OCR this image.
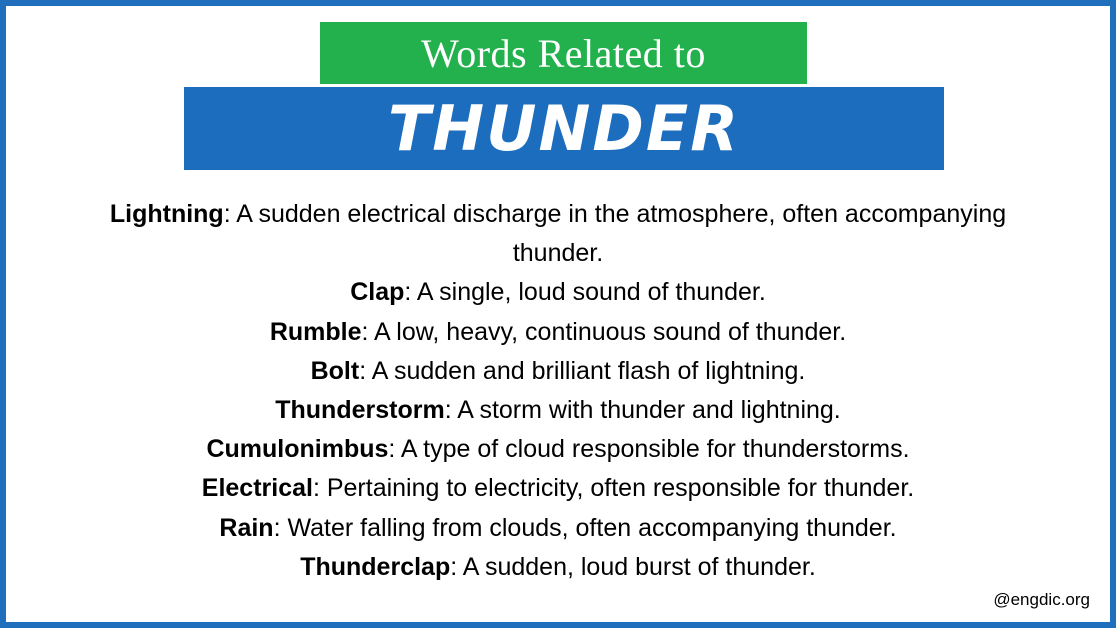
Words Related to
THUNDER
Lightning: A sudden electrical discharge in the atmosphere, often accompanying thunder.
Clap: A single, loud sound of thunder.
Rumble: A low, heavy, continuous sound of thunder.
Bolt: A sudden and brilliant flash of lightning.
Thunderstorm: A storm with thunder and lightning.
Cumulonimbus: A type of cloud responsible for thunderstorms.
Electrical: Pertaining to electricity, often responsible for thunder.
Rain: Water falling from clouds, often accompanying thunder.
Thunderclap: A sudden, loud burst of thunder.
@engdic.org
